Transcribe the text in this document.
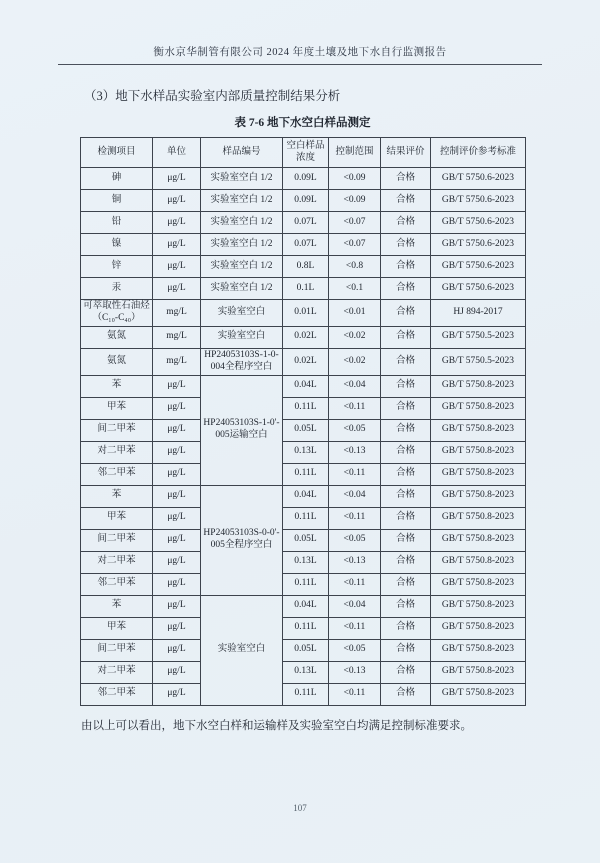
衡水京华制管有限公司 2024 年度土壤及地下水自行监测报告
（3）地下水样品实验室内部质量控制结果分析
表 7-6 地下水空白样品测定
检测项目	单位	样品编号	空白样品浓度	控制范围	结果评价	控制评价参考标准
砷	μg/L	实验室空白 1/2	0.09L	<0.09	合格	GB/T 5750.6-2023
铜	μg/L	实验室空白 1/2	0.09L	<0.09	合格	GB/T 5750.6-2023
铅	μg/L	实验室空白 1/2	0.07L	<0.07	合格	GB/T 5750.6-2023
镍	μg/L	实验室空白 1/2	0.07L	<0.07	合格	GB/T 5750.6-2023
锌	μg/L	实验室空白 1/2	0.8L	<0.8	合格	GB/T 5750.6-2023
汞	μg/L	实验室空白 1/2	0.1L	<0.1	合格	GB/T 5750.6-2023
可萃取性石油烃（C₁₀-C₄₀）	mg/L	实验室空白	0.01L	<0.01	合格	HJ 894-2017
氨氮	mg/L	实验室空白	0.02L	<0.02	合格	GB/T 5750.5-2023
氨氮	mg/L	HP24053103S-1-0-004全程序空白	0.02L	<0.02	合格	GB/T 5750.5-2023
苯	μg/L	HP24053103S-1-0'-005运输空白	0.04L	<0.04	合格	GB/T 5750.8-2023
甲苯	μg/L		0.11L	<0.11	合格	GB/T 5750.8-2023
间二甲苯	μg/L		0.05L	<0.05	合格	GB/T 5750.8-2023
对二甲苯	μg/L		0.13L	<0.13	合格	GB/T 5750.8-2023
邻二甲苯	μg/L		0.11L	<0.11	合格	GB/T 5750.8-2023
苯	μg/L	HP24053103S-0-0'-005全程序空白	0.04L	<0.04	合格	GB/T 5750.8-2023
甲苯	μg/L		0.11L	<0.11	合格	GB/T 5750.8-2023
间二甲苯	μg/L		0.05L	<0.05	合格	GB/T 5750.8-2023
对二甲苯	μg/L		0.13L	<0.13	合格	GB/T 5750.8-2023
邻二甲苯	μg/L		0.11L	<0.11	合格	GB/T 5750.8-2023
苯	μg/L	实验室空白	0.04L	<0.04	合格	GB/T 5750.8-2023
甲苯	μg/L		0.11L	<0.11	合格	GB/T 5750.8-2023
间二甲苯	μg/L		0.05L	<0.05	合格	GB/T 5750.8-2023
对二甲苯	μg/L		0.13L	<0.13	合格	GB/T 5750.8-2023
邻二甲苯	μg/L		0.11L	<0.11	合格	GB/T 5750.8-2023

由以上可以看出，地下水空白样和运输样及实验室空白均满足控制标准要求。

107
